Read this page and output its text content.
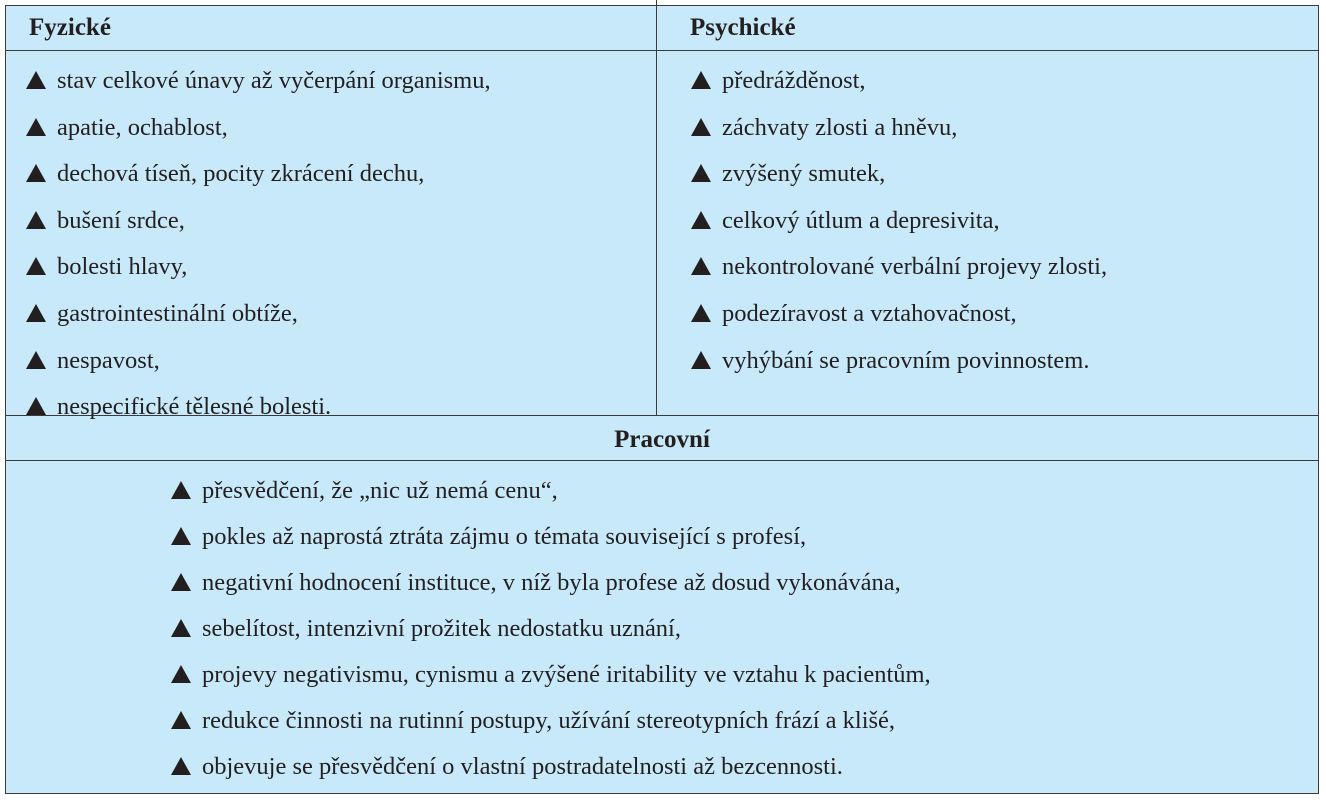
Fyzické	Psychické
Pracovní
stav celkové únavy až vyčerpání organismu,
apatie, ochablost,
dechová tíseň, pocity zkrácení dechu,
bušení srdce,
bolesti hlavy,
gastrointestinální obtíže,
nespavost,
nespecifické tělesné bolesti.
předrážděnost,
záchvaty zlosti a hněvu,
zvýšený smutek,
celkový útlum a depresivita,
nekontrolované verbální projevy zlosti,
podezíravost a vztahovačnost,
vyhýbání se pracovním povinnostem.
přesvědčení, že „nic už nemá cenu“,
pokles až naprostá ztráta zájmu o témata související s profesí,
negativní hodnocení instituce, v níž byla profese až dosud vykonávána,
sebelítost, intenzivní prožitek nedostatku uznání,
projevy negativismu, cynismu a zvýšené iritability ve vztahu k pacientům,
redukce činnosti na rutinní postupy, užívání stereotypních frází a klišé,
objevuje se přesvědčení o vlastní postradatelnosti až bezcennosti.
